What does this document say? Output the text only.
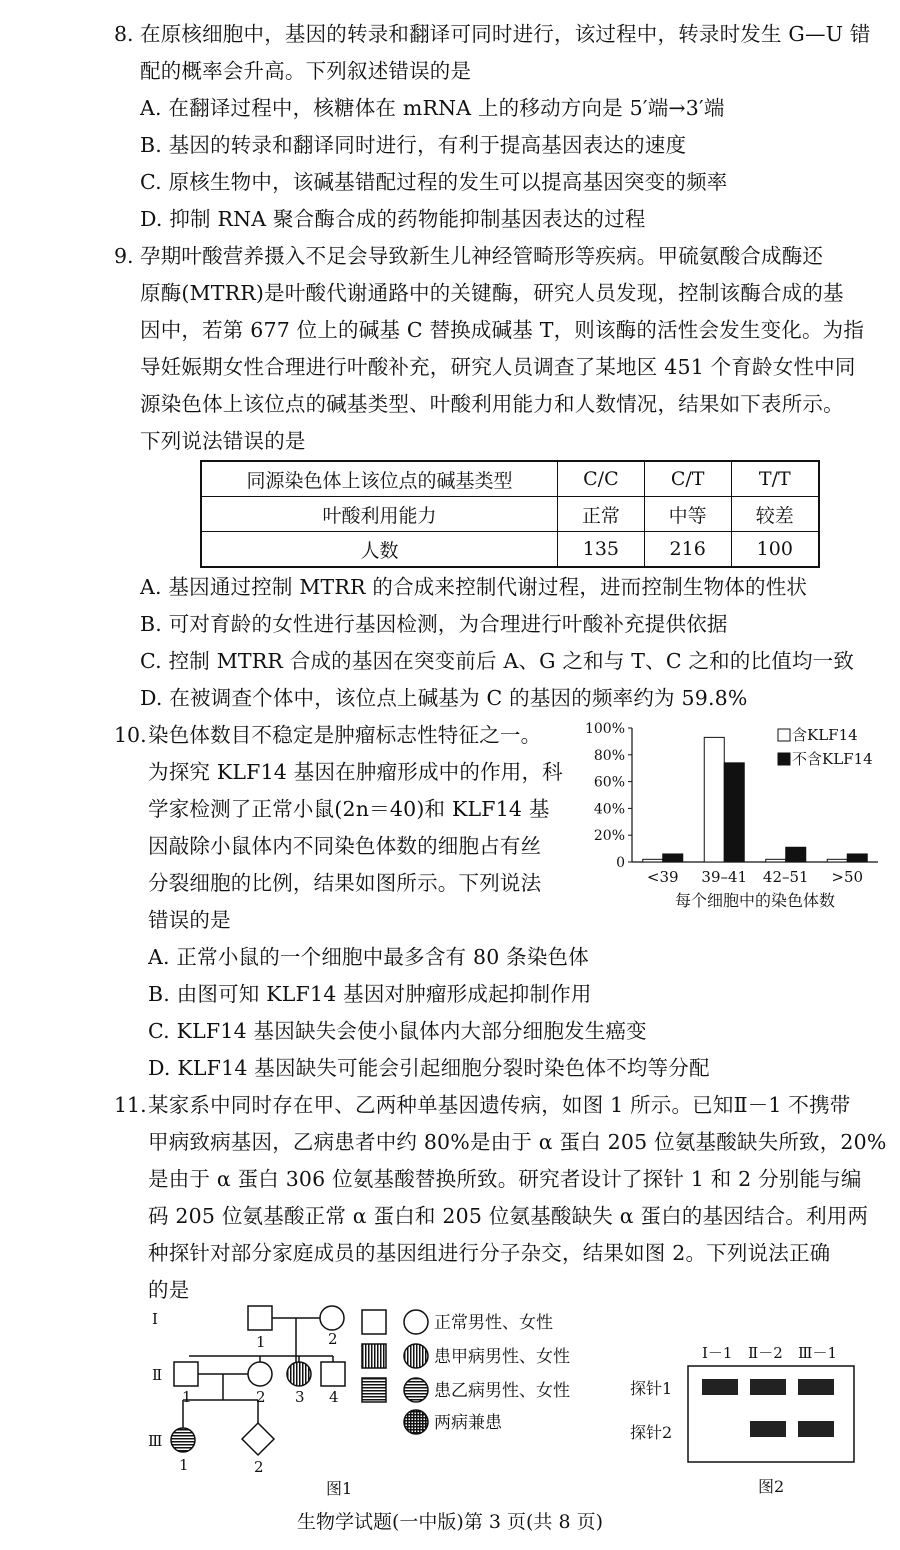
8. 在原核细胞中，基因的转录和翻译可同时进行，该过程中，转录时发生 G—U 错
配的概率会升高。下列叙述错误的是
A. 在翻译过程中，核糖体在 mRNA 上的移动方向是 5′端→3′端
B. 基因的转录和翻译同时进行，有利于提高基因表达的速度
C. 原核生物中，该碱基错配过程的发生可以提高基因突变的频率
D. 抑制 RNA 聚合酶合成的药物能抑制基因表达的过程
9. 孕期叶酸营养摄入不足会导致新生儿神经管畸形等疾病。甲硫氨酸合成酶还
原酶(MTRR)是叶酸代谢通路中的关键酶，研究人员发现，控制该酶合成的基
因中，若第 677 位上的碱基 C 替换成碱基 T，则该酶的活性会发生变化。为指
导妊娠期女性合理进行叶酸补充，研究人员调查了某地区 451 个育龄女性中同
源染色体上该位点的碱基类型、叶酸利用能力和人数情况，结果如下表所示。
下列说法错误的是
同源染色体上该位点的碱基类型	C/C	C/T	T/T
叶酸利用能力	正常	中等	较差
人数	135	216	100
A. 基因通过控制 MTRR 的合成来控制代谢过程，进而控制生物体的性状
B. 可对育龄的女性进行基因检测，为合理进行叶酸补充提供依据
C. 控制 MTRR 合成的基因在突变前后 A、G 之和与 T、C 之和的比值均一致
D. 在被调查个体中，该位点上碱基为 C 的基因的频率约为 59.8%
10. 染色体数目不稳定是肿瘤标志性特征之一。
为探究 KLF14 基因在肿瘤形成中的作用，科
学家检测了正常小鼠(2n＝40)和 KLF14 基
因敲除小鼠体内不同染色体数的细胞占有丝
分裂细胞的比例，结果如图所示。下列说法
错误的是
0
20%
40%
60%
80%
100%
<39 39–41 42–51 >50
每个细胞中的染色体数
含KLF14
不含KLF14
A. 正常小鼠的一个细胞中最多含有 80 条染色体
B. 由图可知 KLF14 基因对肿瘤形成起抑制作用
C. KLF14 基因缺失会使小鼠体内大部分细胞发生癌变
D. KLF14 基因缺失可能会引起细胞分裂时染色体不均等分配
11. 某家系中同时存在甲、乙两种单基因遗传病，如图 1 所示。已知Ⅱ－1 不携带
甲病致病基因，乙病患者中约 80%是由于 α 蛋白 205 位氨基酸缺失所致，20%
是由于 α 蛋白 306 位氨基酸替换所致。研究者设计了探针 1 和 2 分别能与编
码 205 位氨基酸正常 α 蛋白和 205 位氨基酸缺失 α 蛋白的基因结合。利用两
种探针对部分家庭成员的基因组进行分子杂交，结果如图 2。下列说法正确
的是
Ⅰ
Ⅱ
Ⅲ
1	2
1	2 3 4
1	2
正常男性、女性
患甲病男性、女性
患乙病男性、女性
两病兼患
图1
Ⅰ－1 Ⅱ－2 Ⅲ－1
探针1
探针2
图2
生物学试题(一中版)第 3 页(共 8 页)
